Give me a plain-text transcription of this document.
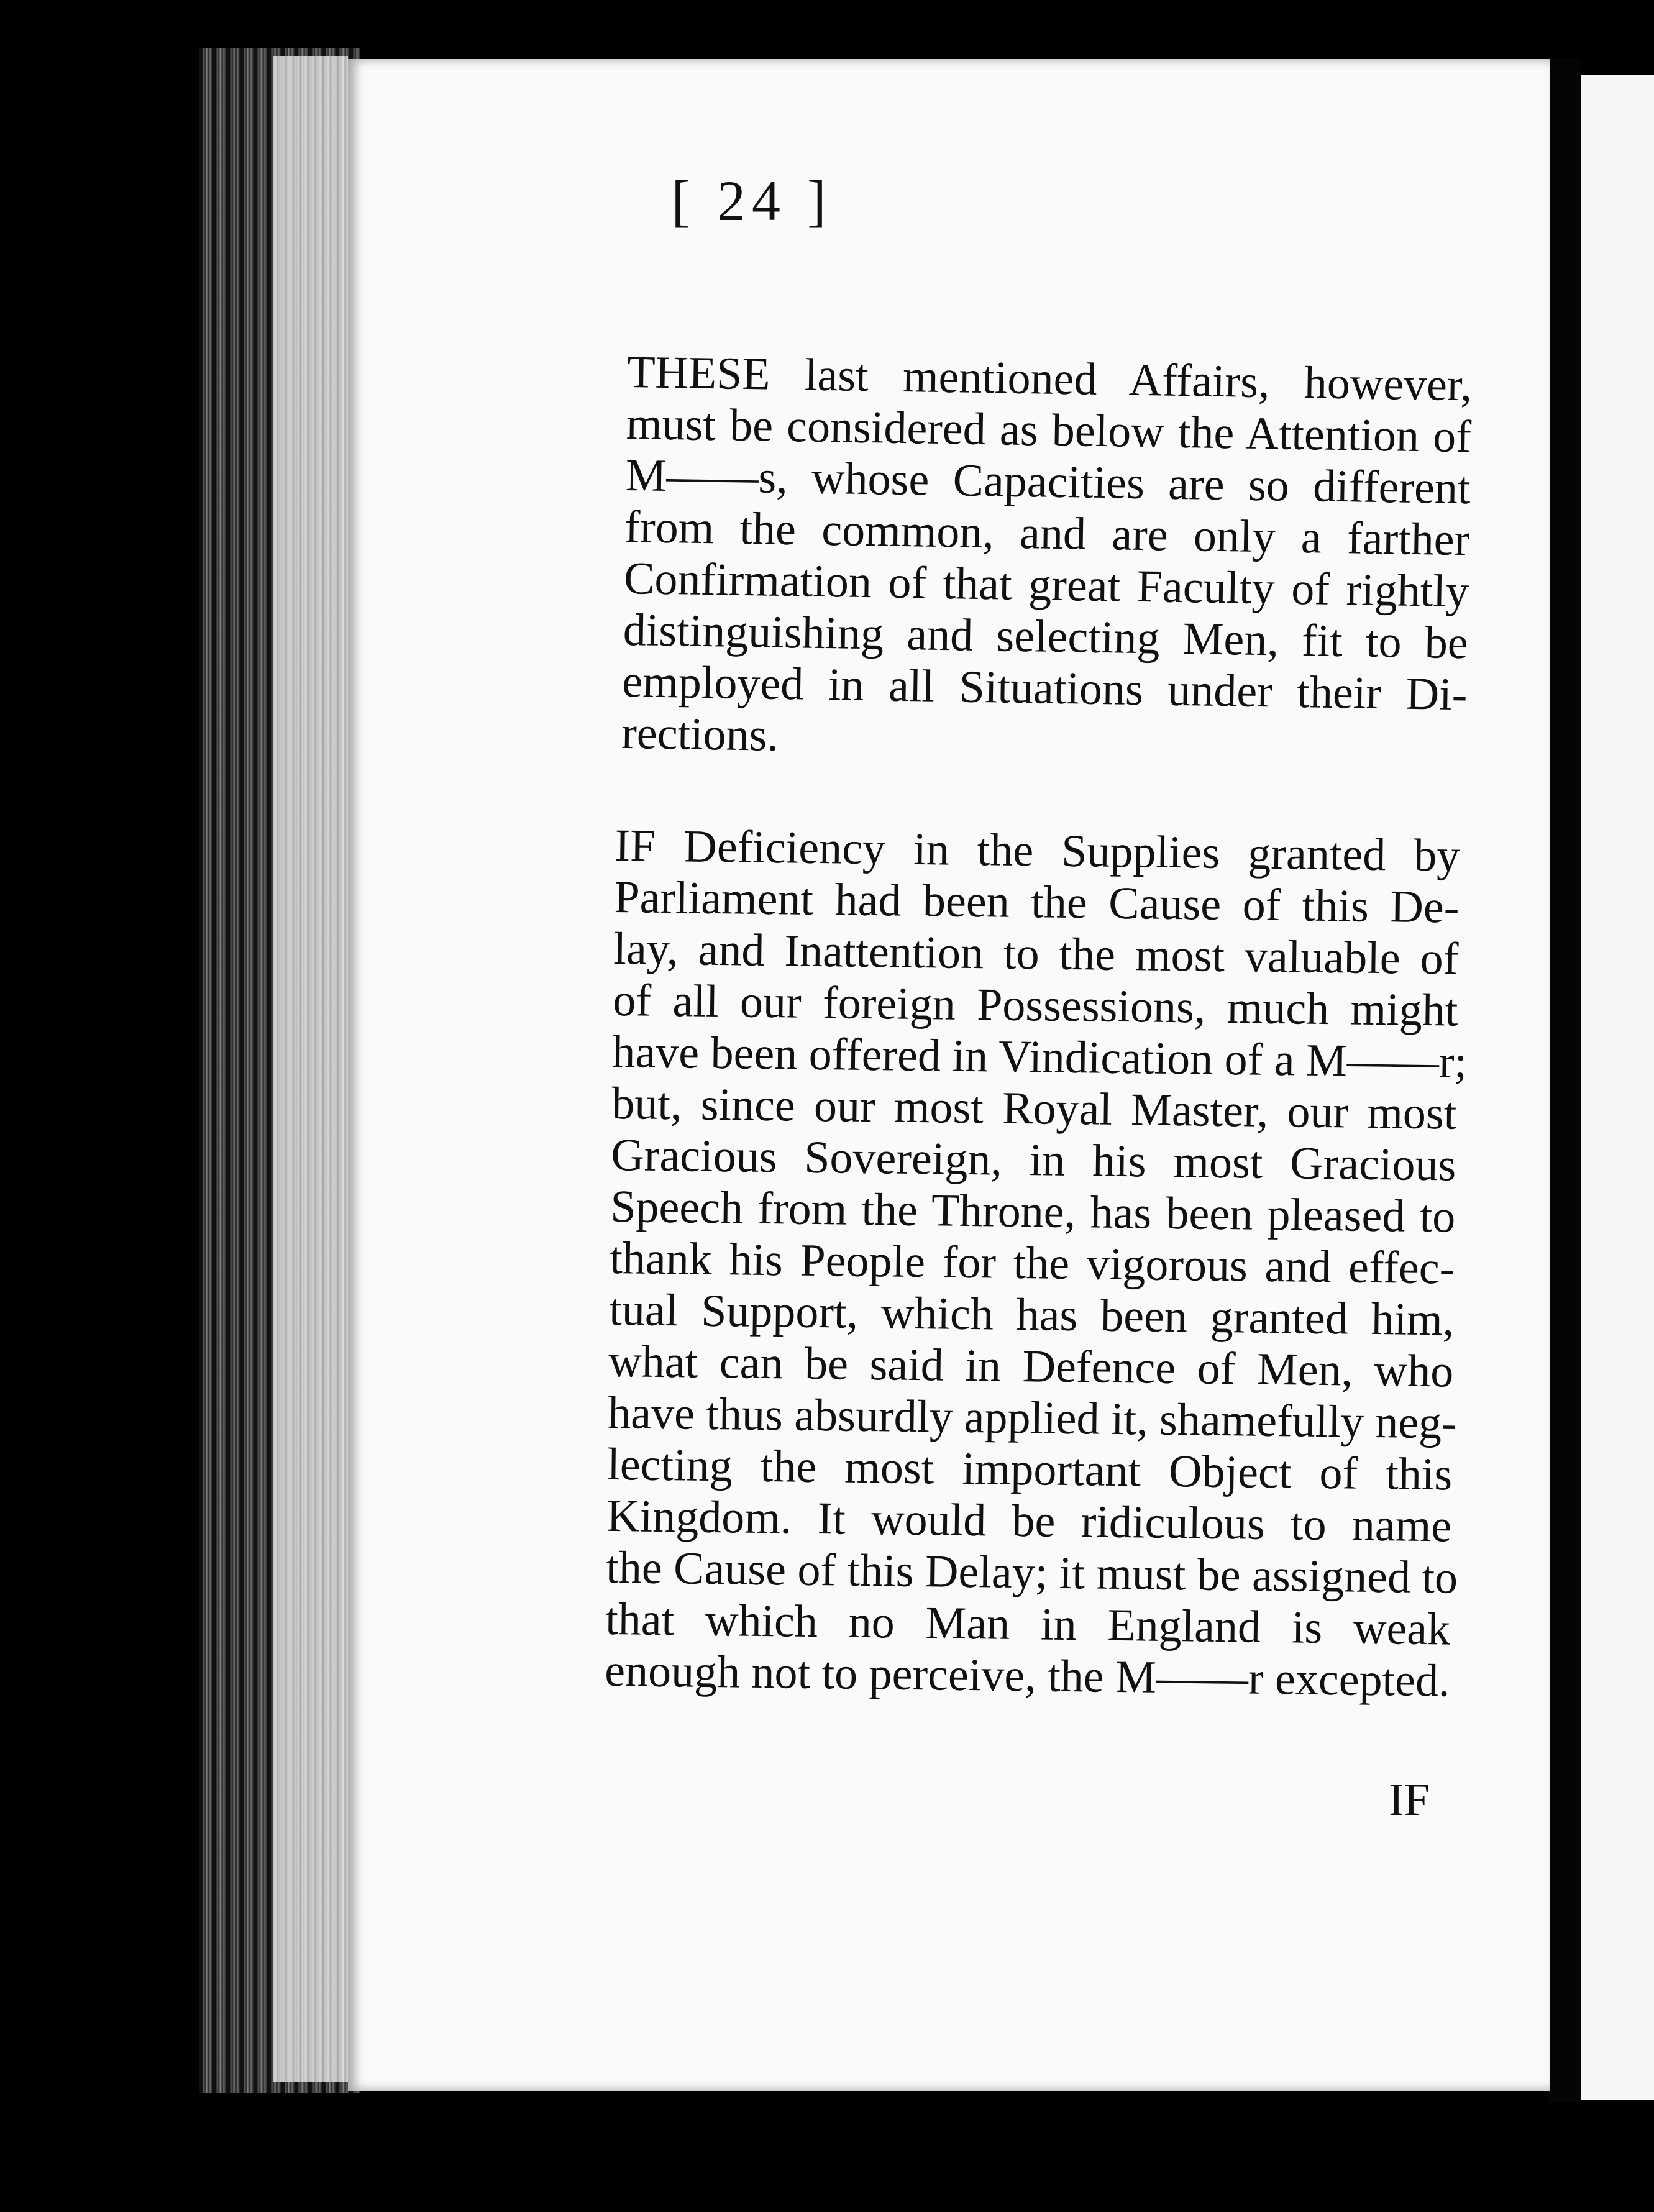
[ 24 ]
THESE last mentioned Affairs, however,
must be considered as below the Attention of
M——s, whose Capacities are so different
from the common, and are only a farther
Confirmation of that great Faculty of rightly
distinguishing and selecting Men, fit to be
employed in all Situations under their Di-
rections.
IF Deficiency in the Supplies granted by
Parliament had been the Cause of this De-
lay, and Inattention to the most valuable of
of all our foreign Possessions, much might
have been offered in Vindication of a M——r;
but, since our most Royal Master, our most
Gracious Sovereign, in his most Gracious
Speech from the Throne, has been pleased to
thank his People for the vigorous and effec-
tual Support, which has been granted him,
what can be said in Defence of Men, who
have thus absurdly applied it, shamefully neg-
lecting the most important Object of this
Kingdom. It would be ridiculous to name
the Cause of this Delay; it must be assigned to
that which no Man in England is weak
enough not to perceive, the M——r excepted.
IF
